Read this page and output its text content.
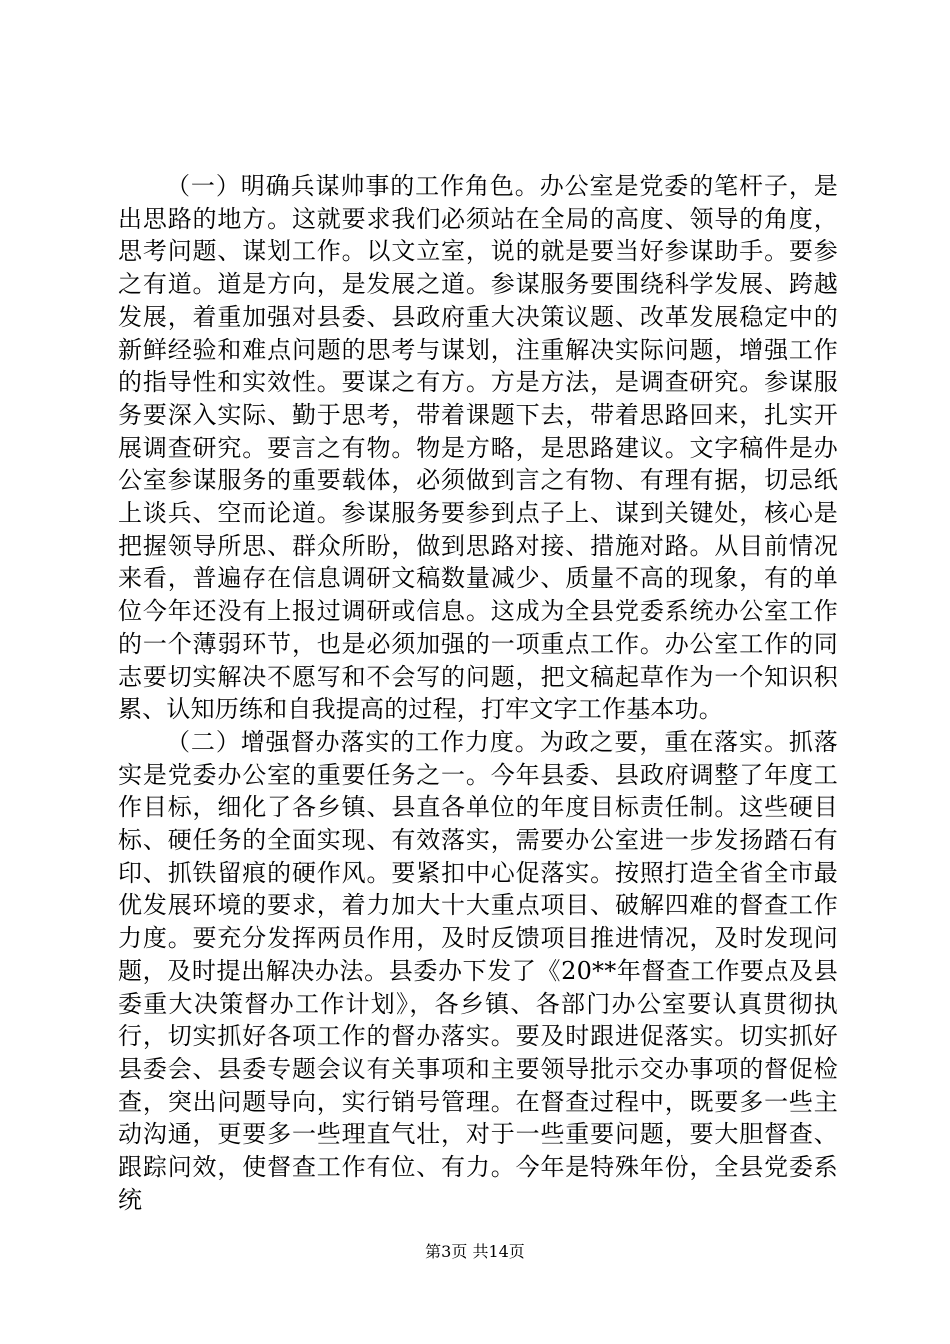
（一）明确兵谋帅事的工作角色。办公室是党委的笔杆子，是出思路的地方。这就要求我们必须站在全局的高度、领导的角度，思考问题、谋划工作。以文立室，说的就是要当好参谋助手。要参之有道。道是方向，是发展之道。参谋服务要围绕科学发展、跨越发展，着重加强对县委、县政府重大决策议题、改革发展稳定中的新鲜经验和难点问题的思考与谋划，注重解决实际问题，增强工作的指导性和实效性。要谋之有方。方是方法，是调查研究。参谋服务要深入实际、勤于思考，带着课题下去，带着思路回来，扎实开展调查研究。要言之有物。物是方略，是思路建议。文字稿件是办公室参谋服务的重要载体，必须做到言之有物、有理有据，切忌纸上谈兵、空而论道。参谋服务要参到点子上、谋到关键处，核心是把握领导所思、群众所盼，做到思路对接、措施对路。从目前情况来看，普遍存在信息调研文稿数量减少、质量不高的现象，有的单位今年还没有上报过调研或信息。这成为全县党委系统办公室工作的一个薄弱环节，也是必须加强的一项重点工作。办公室工作的同志要切实解决不愿写和不会写的问题，把文稿起草作为一个知识积累、认知历练和自我提高的过程，打牢文字工作基本功。

（二）增强督办落实的工作力度。为政之要，重在落实。抓落实是党委办公室的重要任务之一。今年县委、县政府调整了年度工作目标，细化了各乡镇、县直各单位的年度目标责任制。这些硬目标、硬任务的全面实现、有效落实，需要办公室进一步发扬踏石有印、抓铁留痕的硬作风。要紧扣中心促落实。按照打造全省全市最优发展环境的要求，着力加大十大重点项目、破解四难的督查工作力度。要充分发挥两员作用，及时反馈项目推进情况，及时发现问题，及时提出解决办法。县委办下发了《20**年督查工作要点及县委重大决策督办工作计划》，各乡镇、各部门办公室要认真贯彻执行，切实抓好各项工作的督办落实。要及时跟进促落实。切实抓好县委会、县委专题会议有关事项和主要领导批示交办事项的督促检查，突出问题导向，实行销号管理。在督查过程中，既要多一些主动沟通，更要多一些理直气壮，对于一些重要问题，要大胆督查、跟踪问效，使督查工作有位、有力。今年是特殊年份，全县党委系统

第3页 共14页
